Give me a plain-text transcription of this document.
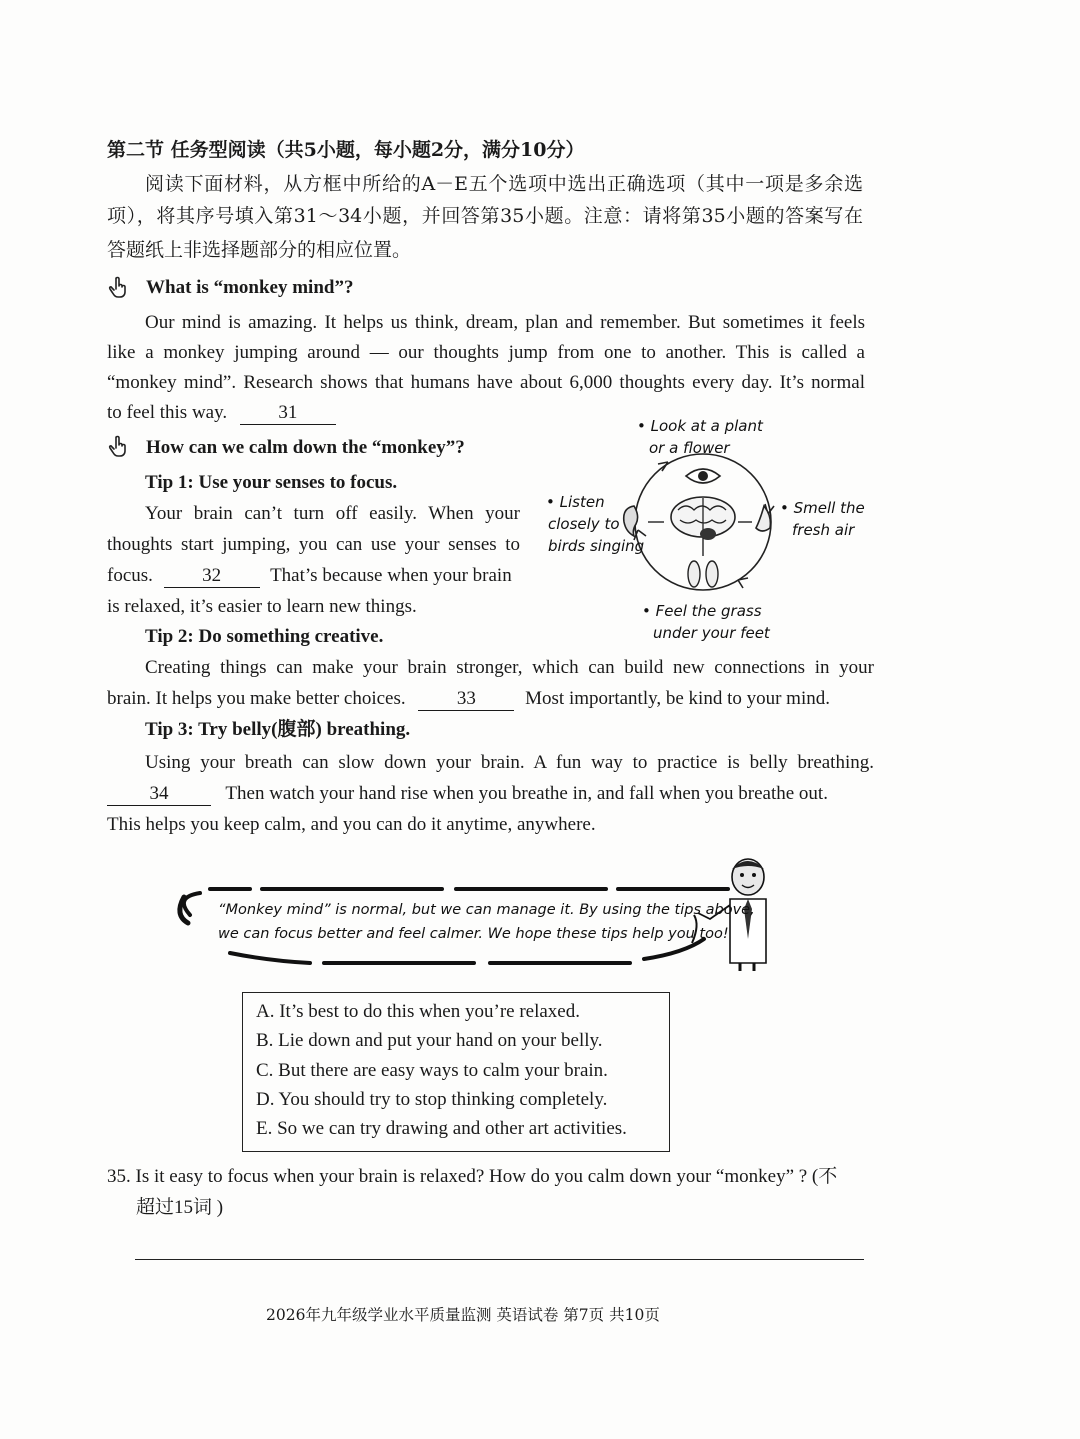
第二节 任务型阅读（共5小题，每小题2分，满分10分）
阅读下面材料，从方框中所给的A－E五个选项中选出正确选项（其中一项是多余选
项），将其序号填入第31～34小题，并回答第35小题。注意：请将第35小题的答案写在
答题纸上非选择题部分的相应位置。
What is “monkey mind”?
Our mind is amazing. It helps us think, dream, plan and remember. But sometimes it feels
like a monkey jumping around — our thoughts jump from one to another. This is called a
“monkey mind”. Research shows that humans have about 6,000 thoughts every day. It’s normal
to feel this way.	31
How can we calm down the “monkey”?
Tip 1: Use your senses to focus.
Your brain can’t turn off easily. When your
thoughts start jumping, you can use your senses to
focus.	32	That’s because when your brain
is relaxed, it’s easier to learn new things.
• Look at a plant
or a flower
• Listen
closely to
birds singing
• Smell the
fresh air
• Feel the grass
under your feet
Tip 2: Do something creative.
Creating things can make your brain stronger, which can build new connections in your
brain. It helps you make better choices.	33	Most importantly, be kind to your mind.
Tip 3: Try belly(腹部) breathing.
Using your breath can slow down your brain. A fun way to practice is belly breathing.
34	Then watch your hand rise when you breathe in, and fall when you breathe out.
This helps you keep calm, and you can do it anytime, anywhere.
“Monkey mind” is normal, but we can manage it. By using the tips above,
we can focus better and feel calmer. We hope these tips help you too!
A. It’s best to do this when you’re relaxed.
B. Lie down and put your hand on your belly.
C. But there are easy ways to calm your brain.
D. You should try to stop thinking completely.
E. So we can try drawing and other art activities.
35. Is it easy to focus when your brain is relaxed? How do you calm down your “monkey” ? (不
超过15词 )
2026年九年级学业水平质量监测 英语试卷 第7页 共10页
